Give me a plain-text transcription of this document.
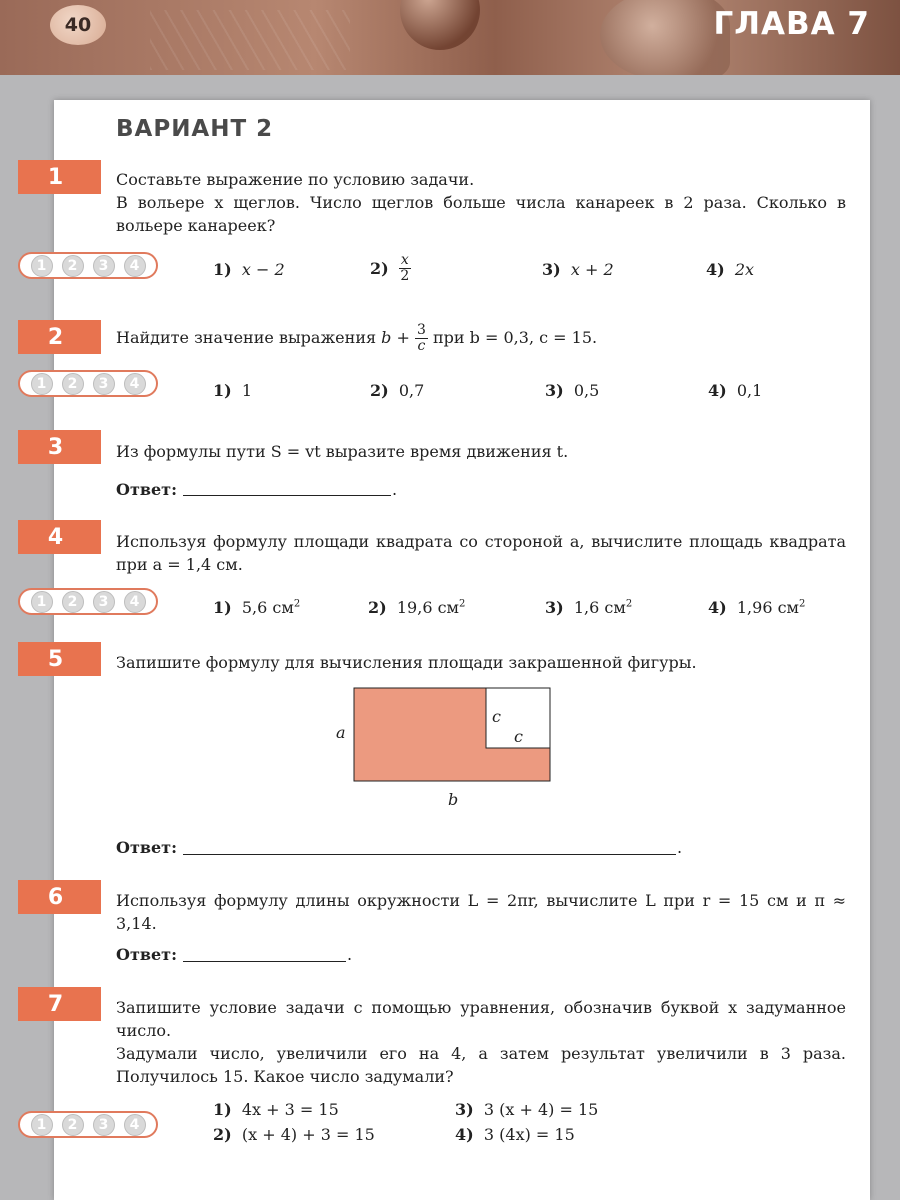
40	ГЛАВА 7
ВАРИАНТ 2
1	Составьте выражение по условию задачи.
В вольере x щеглов. Число щеглов больше числа канареек в 2 раза. Сколько в вольере канареек?
1	2	3	4	1) x − 2	$2) \frac{x}{2}$	3) x + 2	4) 2x
2	Найдите значение выражения $b + \frac{3}{c}$ при b = 0,3, c = 15.
1	2	3	4	1) 1	2) 0,7	3) 0,5	4) 0,1
3	Из формулы пути S = vt выразите время движения t.
Ответ:	.
4	Используя формулу площади квадрата со стороной a, вычислите площадь квадрата при a = 1,4 см.
1	2	3	4	1) 5,6 $см^2$	2) 19,6 $см^2$	3) 1,6 $см^2$	4) 1,96 $см^2$
5	Запишите формулу для вычисления площади закрашенной фигуры.
a
b
c
c
Ответ:	.
6	Используя формулу длины окружности L = 2πr, вычислите L при r = 15 см и π ≈ 3,14.
Ответ:	.
7	Запишите условие задачи с помощью уравнения, обозначив буквой x задуманное число.
Задумали число, увеличили его на 4, а затем результат увеличили в 3 раза. Получилось 15. Какое число задумали?
1	2	3	4
1) 4x + 3 = 15
2) (x + 4) + 3 = 15
3) 3 (x + 4) = 15
4) 3 (4x) = 15
